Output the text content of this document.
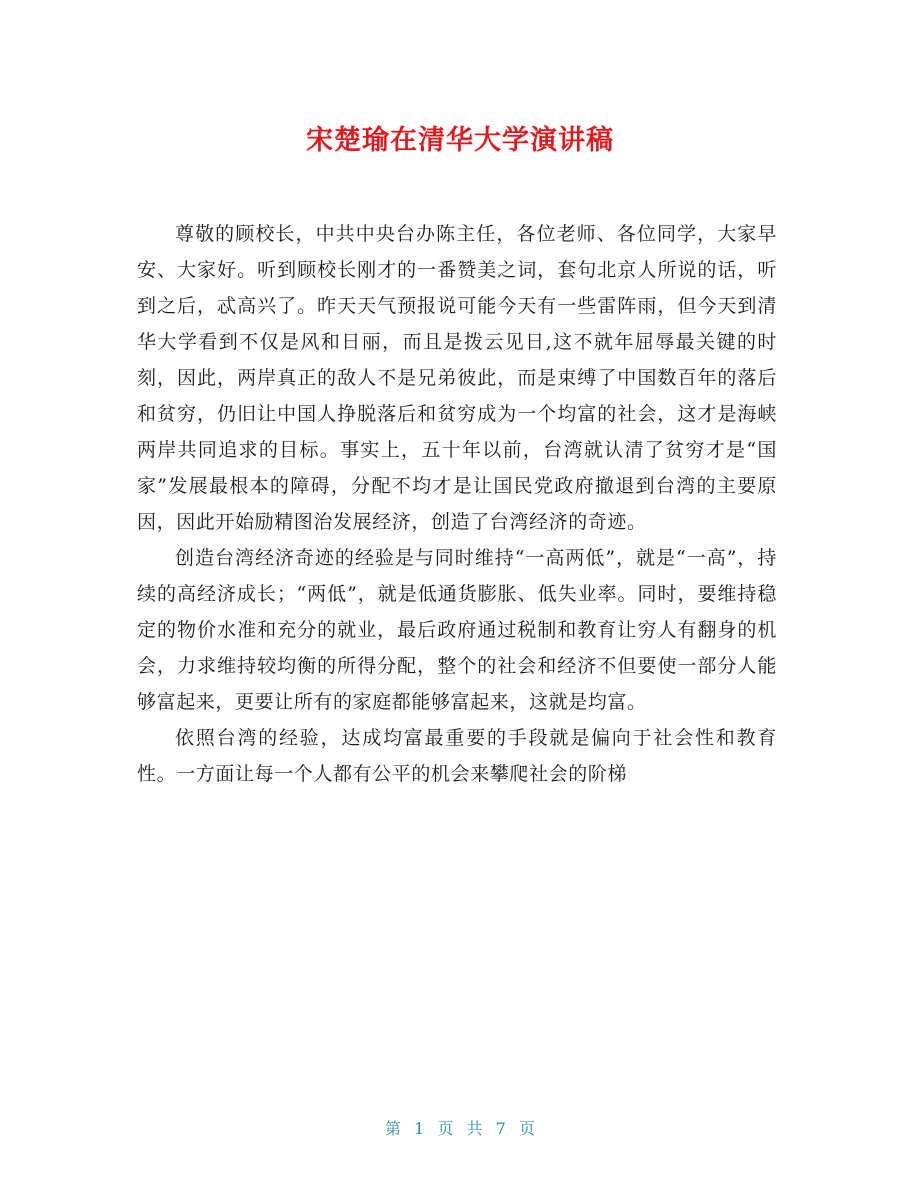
宋楚瑜在清华大学演讲稿

尊敬的顾校长，中共中央台办陈主任，各位老师、各位同学，大家早安、大家好。听到顾校长刚才的一番赞美之词，套句北京人所说的话，听到之后，忒高兴了。昨天天气预报说可能今天有一些雷阵雨，但今天到清华大学看到不仅是风和日丽，而且是拨云见日,这不就年屈辱最关键的时刻，因此，两岸真正的敌人不是兄弟彼此，而是束缚了中国数百年的落后和贫穷，仍旧让中国人挣脱落后和贫穷成为一个均富的社会，这才是海峡两岸共同追求的目标。事实上，五十年以前，台湾就认清了贫穷才是“国家”发展最根本的障碍，分配不均才是让国民党政府撤退到台湾的主要原因，因此开始励精图治发展经济，创造了台湾经济的奇迹。

创造台湾经济奇迹的经验是与同时维持“一高两低”，就是“一高”，持续的高经济成长；“两低”，就是低通货膨胀、低失业率。同时，要维持稳定的物价水准和充分的就业，最后政府通过税制和教育让穷人有翻身的机会，力求维持较均衡的所得分配，整个的社会和经济不但要使一部分人能够富起来，更要让所有的家庭都能够富起来，这就是均富。

依照台湾的经验，达成均富最重要的手段就是偏向于社会性和教育性。一方面让每一个人都有公平的机会来攀爬社会的阶梯

第 1 页 共 7 页
